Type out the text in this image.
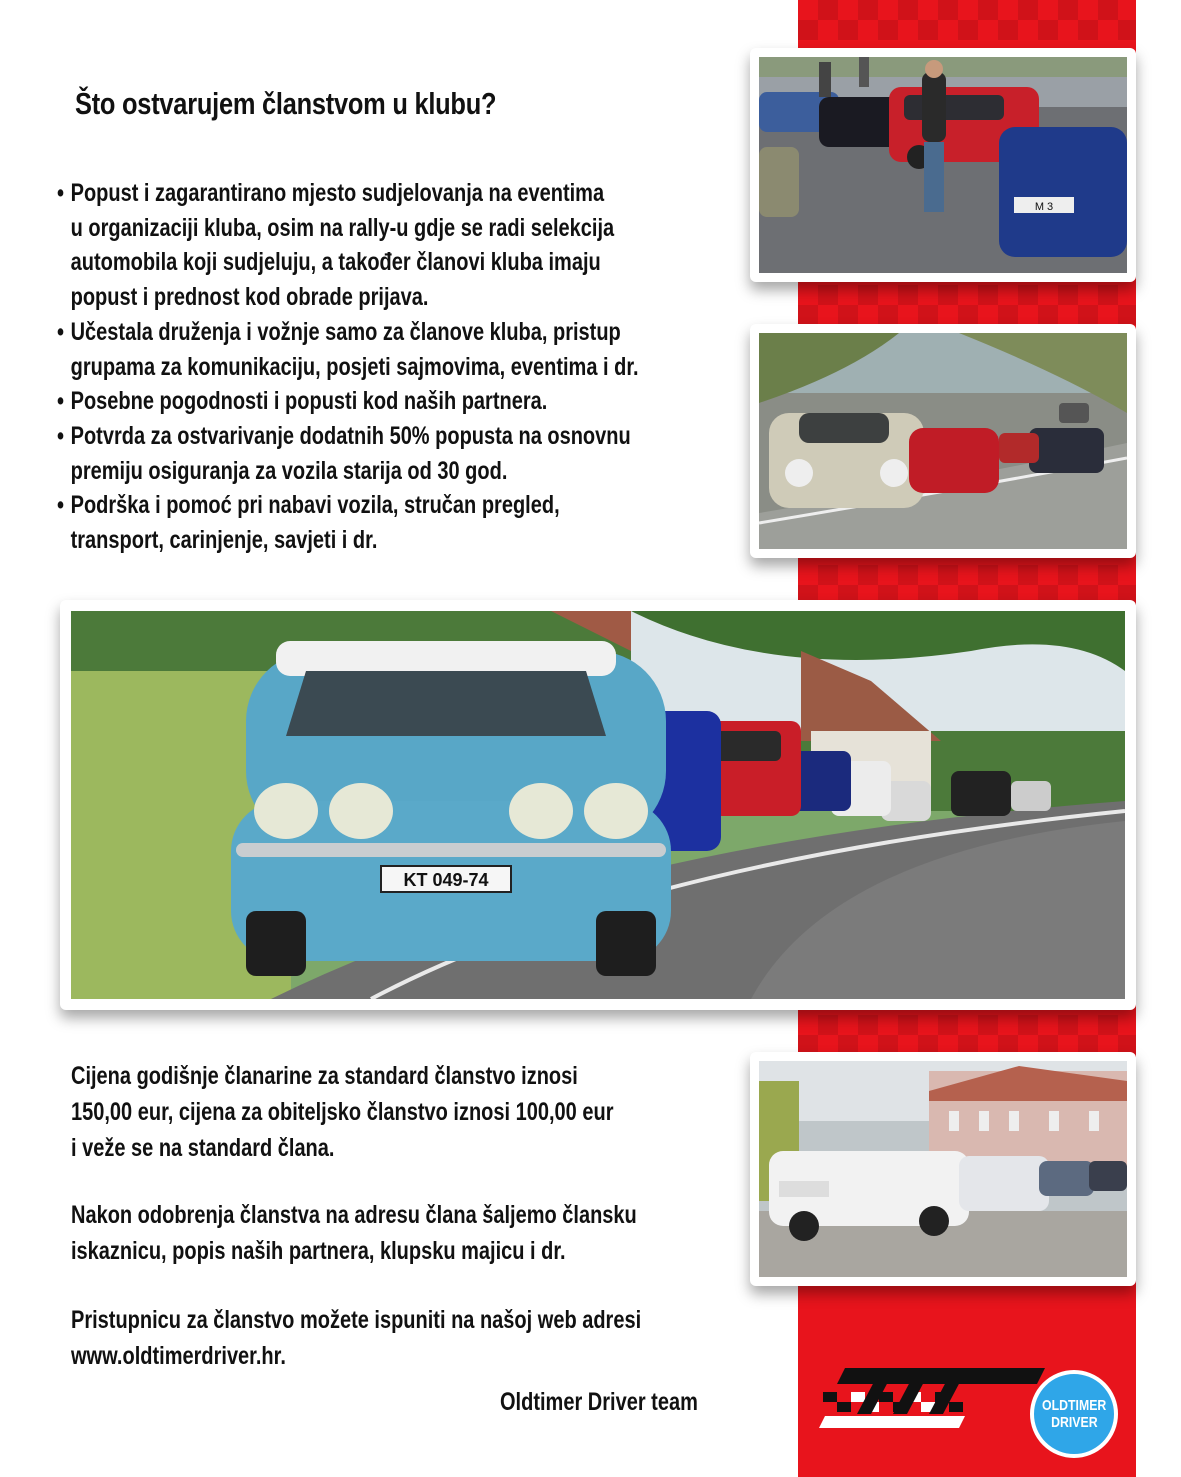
Što ostvarujem članstvom u klubu?
• Popust i zagarantirano mjesto sudjelovanja na eventima
u organizaciji kluba, osim na rally-u gdje se radi selekcija
automobila koji sudjeluju, a također članovi kluba imaju
popust i prednost kod obrade prijava.
• Učestala druženja i vožnje samo za članove kluba, pristup
grupama za komunikaciju, posjeti sajmovima, eventima i dr.
• Posebne pogodnosti i popusti kod naših partnera.
• Potvrda za ostvarivanje dodatnih 50% popusta na osnovnu
premiju osiguranja za vozila starija od 30 god.
• Podrška i pomoć pri nabavi vozila, stručan pregled,
transport, carinjenje, savjeti i dr.
M 3
KT 049-74
Cijena godišnje članarine za standard članstvo iznosi
150,00 eur, cijena za obiteljsko članstvo iznosi 100,00 eur
i veže se na standard člana.
Nakon odobrenja članstva na adresu člana šaljemo člansku
iskaznicu, popis naših partnera, klupsku majicu i dr.
Pristupnicu za članstvo možete ispuniti na našoj web adresi
www.oldtimerdriver.hr.
Oldtimer Driver team	OLDTIMER
DRIVER
